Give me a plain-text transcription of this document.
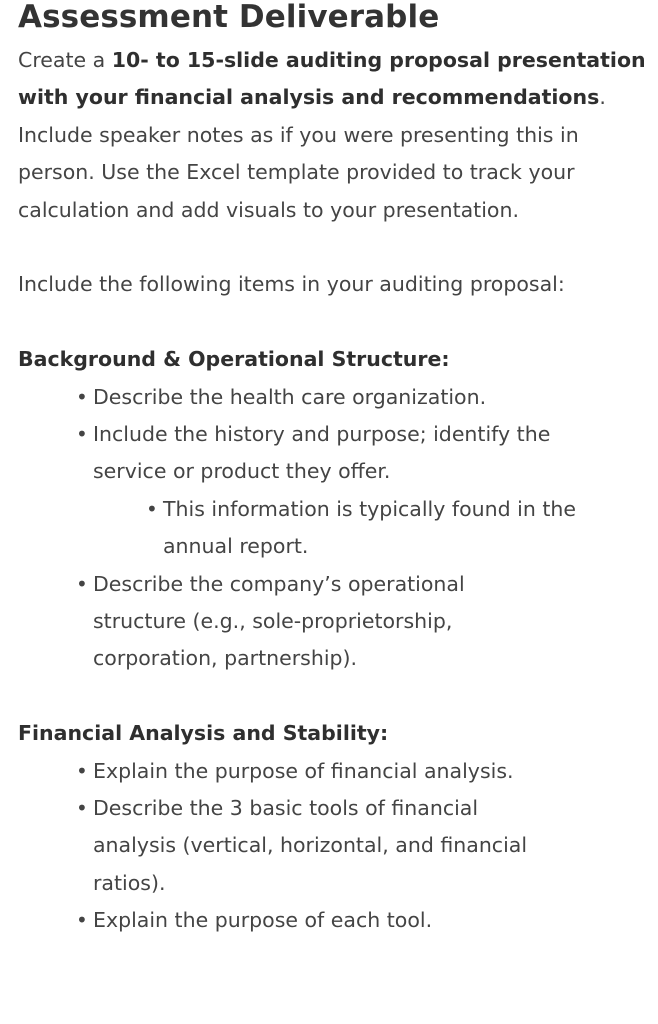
Assessment Deliverable

Create a 10- to 15-slide auditing proposal presentation with your financial analysis and recommendations. Include speaker notes as if you were presenting this in person. Use the Excel template provided to track your calculation and add visuals to your presentation.

Include the following items in your auditing proposal:

Background & Operational Structure:
• Describe the health care organization.
• Include the history and purpose; identify the service or product they offer.
• This information is typically found in the annual report.
• Describe the company’s operational structure (e.g., sole-proprietorship, corporation, partnership).
Financial Analysis and Stability:
• Explain the purpose of financial analysis.
• Describe the 3 basic tools of financial analysis (vertical, horizontal, and financial ratios).
• Explain the purpose of each tool.
